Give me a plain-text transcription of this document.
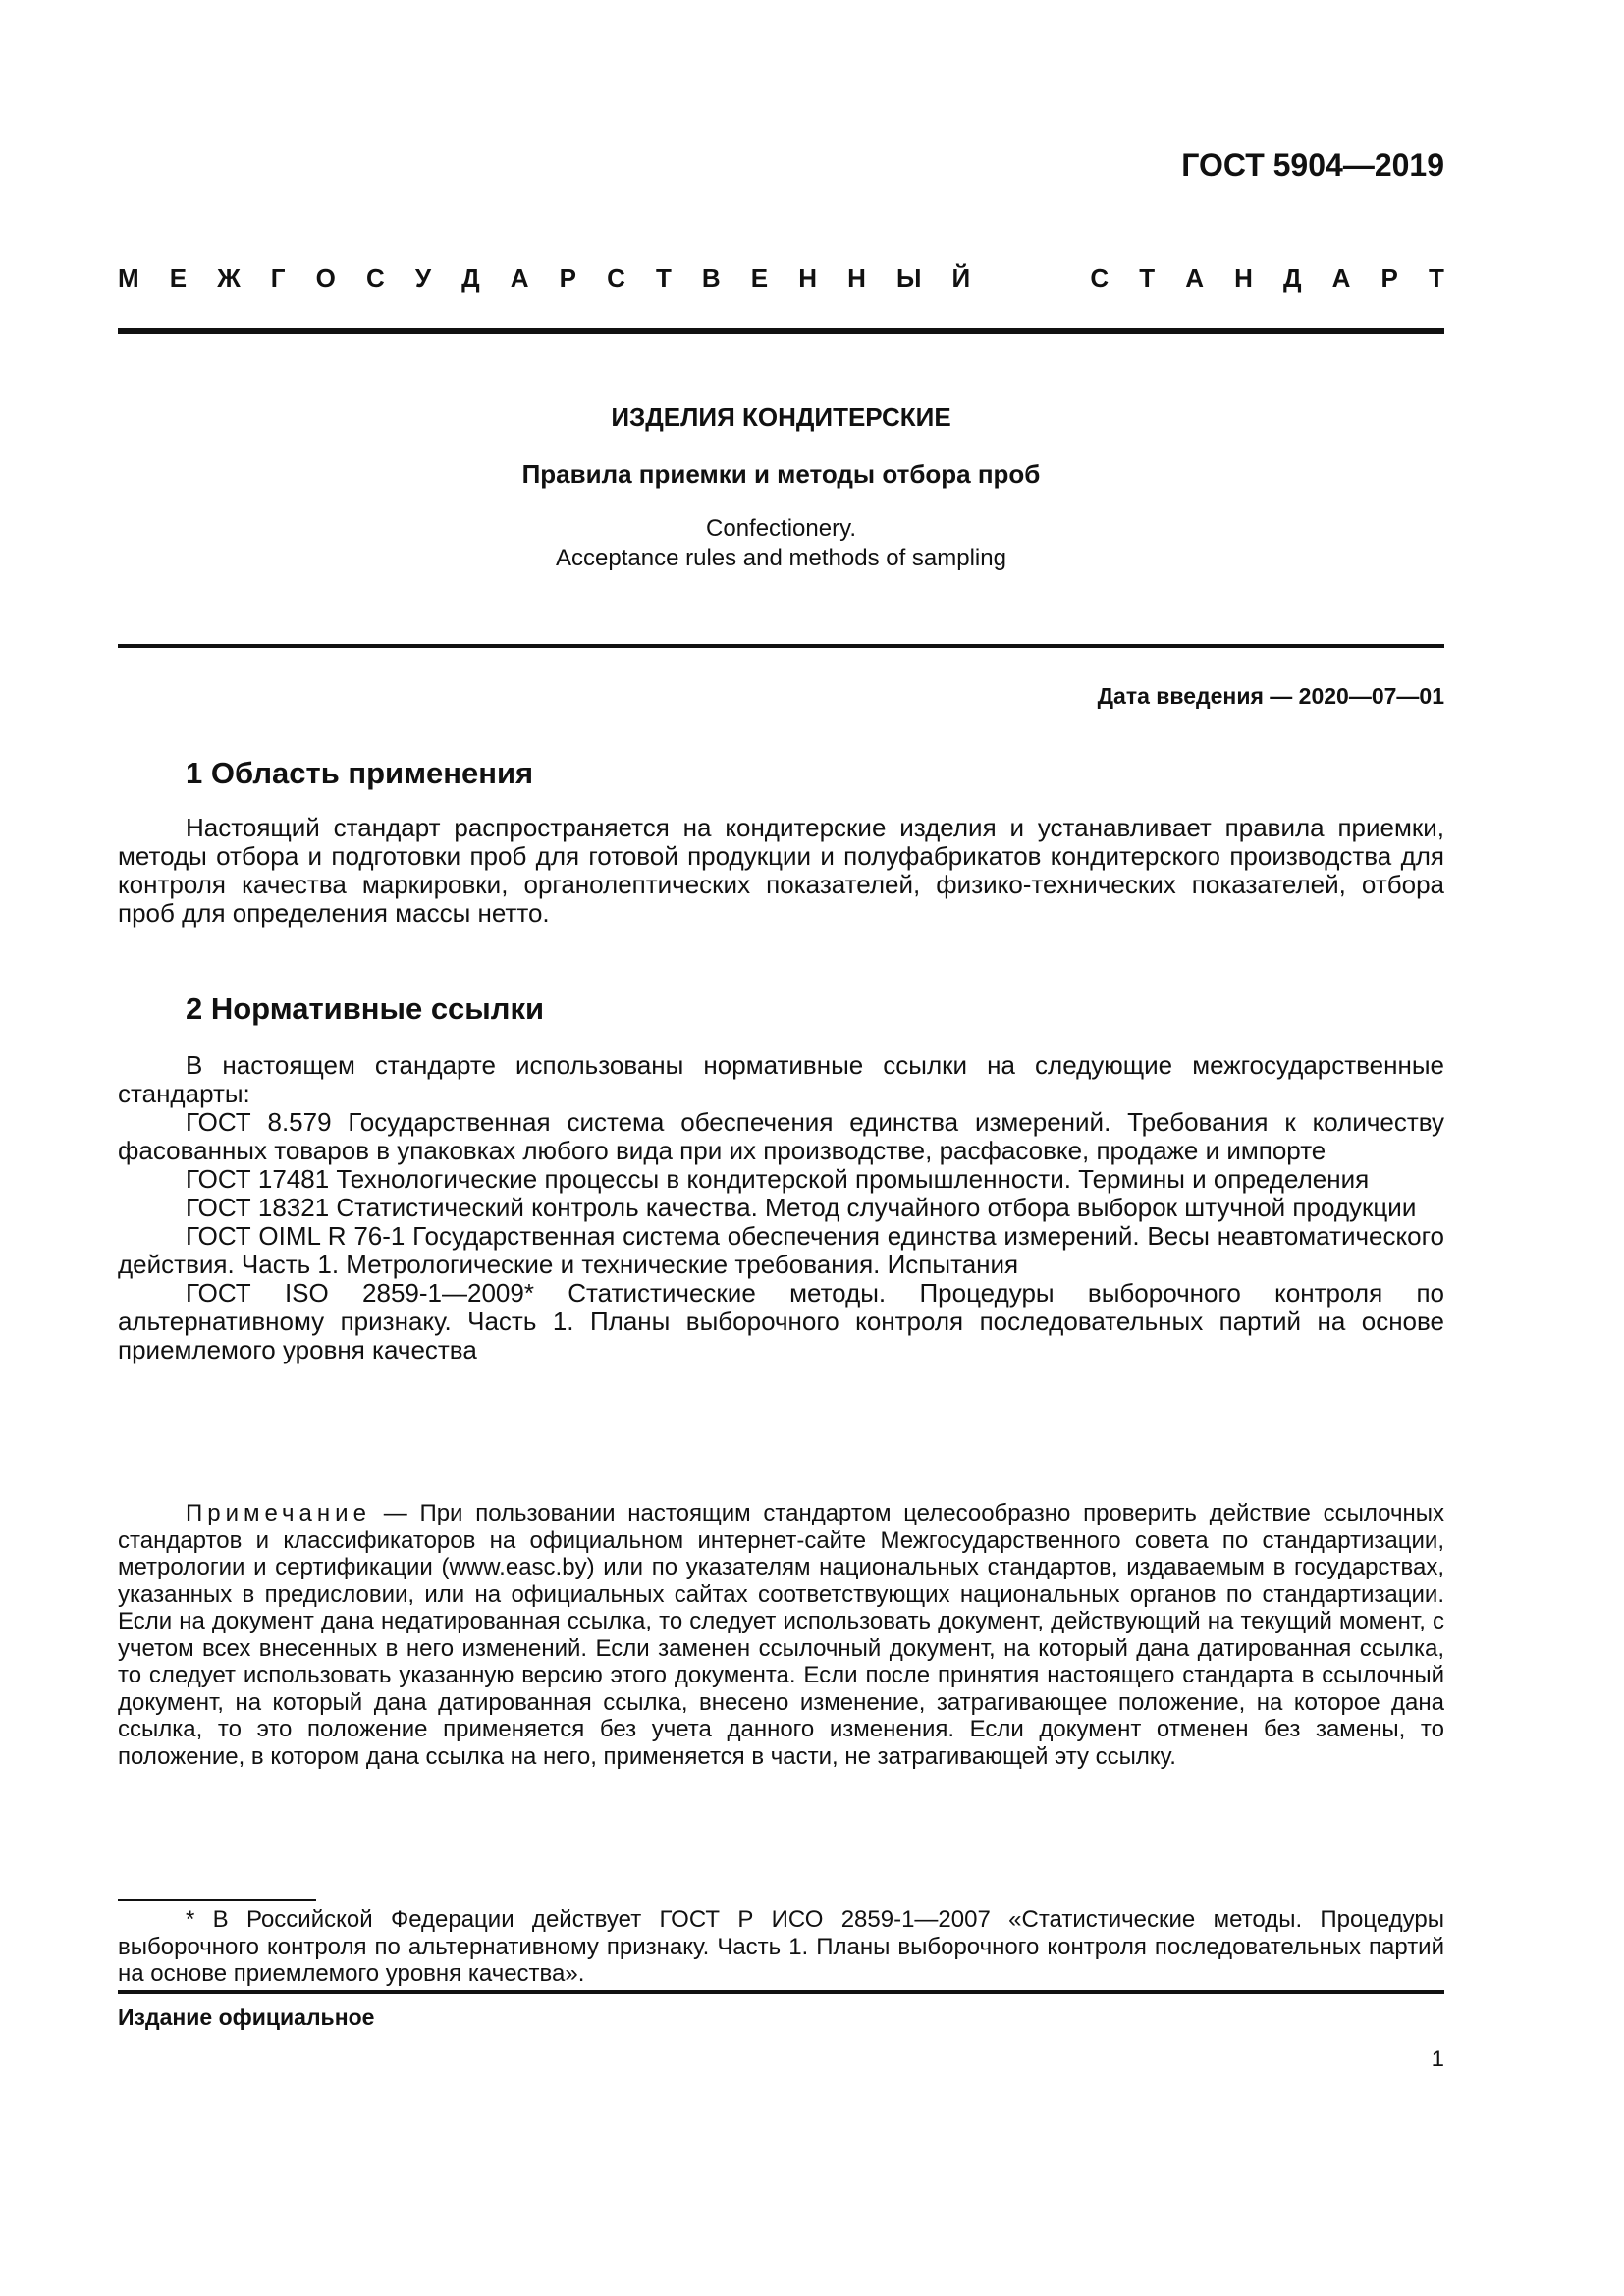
ГОСТ 5904—2019
М Е Ж Г О С У Д А Р С Т В Е Н Н Ы Й	С Т А Н Д А Р Т
ИЗДЕЛИЯ КОНДИТЕРСКИЕ
Правила приемки и методы отбора проб
Confectionery.
Acceptance rules and methods of sampling
Дата введения — 2020—07—01
1 Область применения
Настоящий стандарт распространяется на кондитерские изделия и устанавливает правила приемки, методы отбора и подготовки проб для готовой продукции и полуфабрикатов кондитерского производства для контроля качества маркировки, органолептических показателей, физико-технических показателей, отбора проб для определения массы нетто.
2 Нормативные ссылки
В настоящем стандарте использованы нормативные ссылки на следующие межгосударственные стандарты:
ГОСТ 8.579 Государственная система обеспечения единства измерений. Требования к количеству фасованных товаров в упаковках любого вида при их производстве, расфасовке, продаже и импорте
ГОСТ 17481 Технологические процессы в кондитерской промышленности. Термины и определения
ГОСТ 18321 Статистический контроль качества. Метод случайного отбора выборок штучной продукции
ГОСТ OIML R 76-1 Государственная система обеспечения единства измерений. Весы неавтоматического действия. Часть 1. Метрологические и технические требования. Испытания
ГОСТ ISO 2859-1—2009* Статистические методы. Процедуры выборочного контроля по альтернативному признаку. Часть 1. Планы выборочного контроля последовательных партий на основе приемлемого уровня качества
Примечание — При пользовании настоящим стандартом целесообразно проверить действие ссылочных стандартов и классификаторов на официальном интернет-сайте Межгосударственного совета по стандартизации, метрологии и сертификации (www.easc.by) или по указателям национальных стандартов, издаваемым в государствах, указанных в предисловии, или на официальных сайтах соответствующих национальных органов по стандартизации. Если на документ дана недатированная ссылка, то следует использовать документ, действующий на текущий момент, с учетом всех внесенных в него изменений. Если заменен ссылочный документ, на который дана датированная ссылка, то следует использовать указанную версию этого документа. Если после принятия настоящего стандарта в ссылочный документ, на который дана датированная ссылка, внесено изменение, затрагивающее положение, на которое дана ссылка, то это положение применяется без учета данного изменения. Если документ отменен без замены, то положение, в котором дана ссылка на него, применяется в части, не затрагивающей эту ссылку.
* В Российской Федерации действует ГОСТ Р ИСО 2859-1—2007 «Статистические методы. Процедуры выборочного контроля по альтернативному признаку. Часть 1. Планы выборочного контроля последовательных партий на основе приемлемого уровня качества».
Издание официальное
1
